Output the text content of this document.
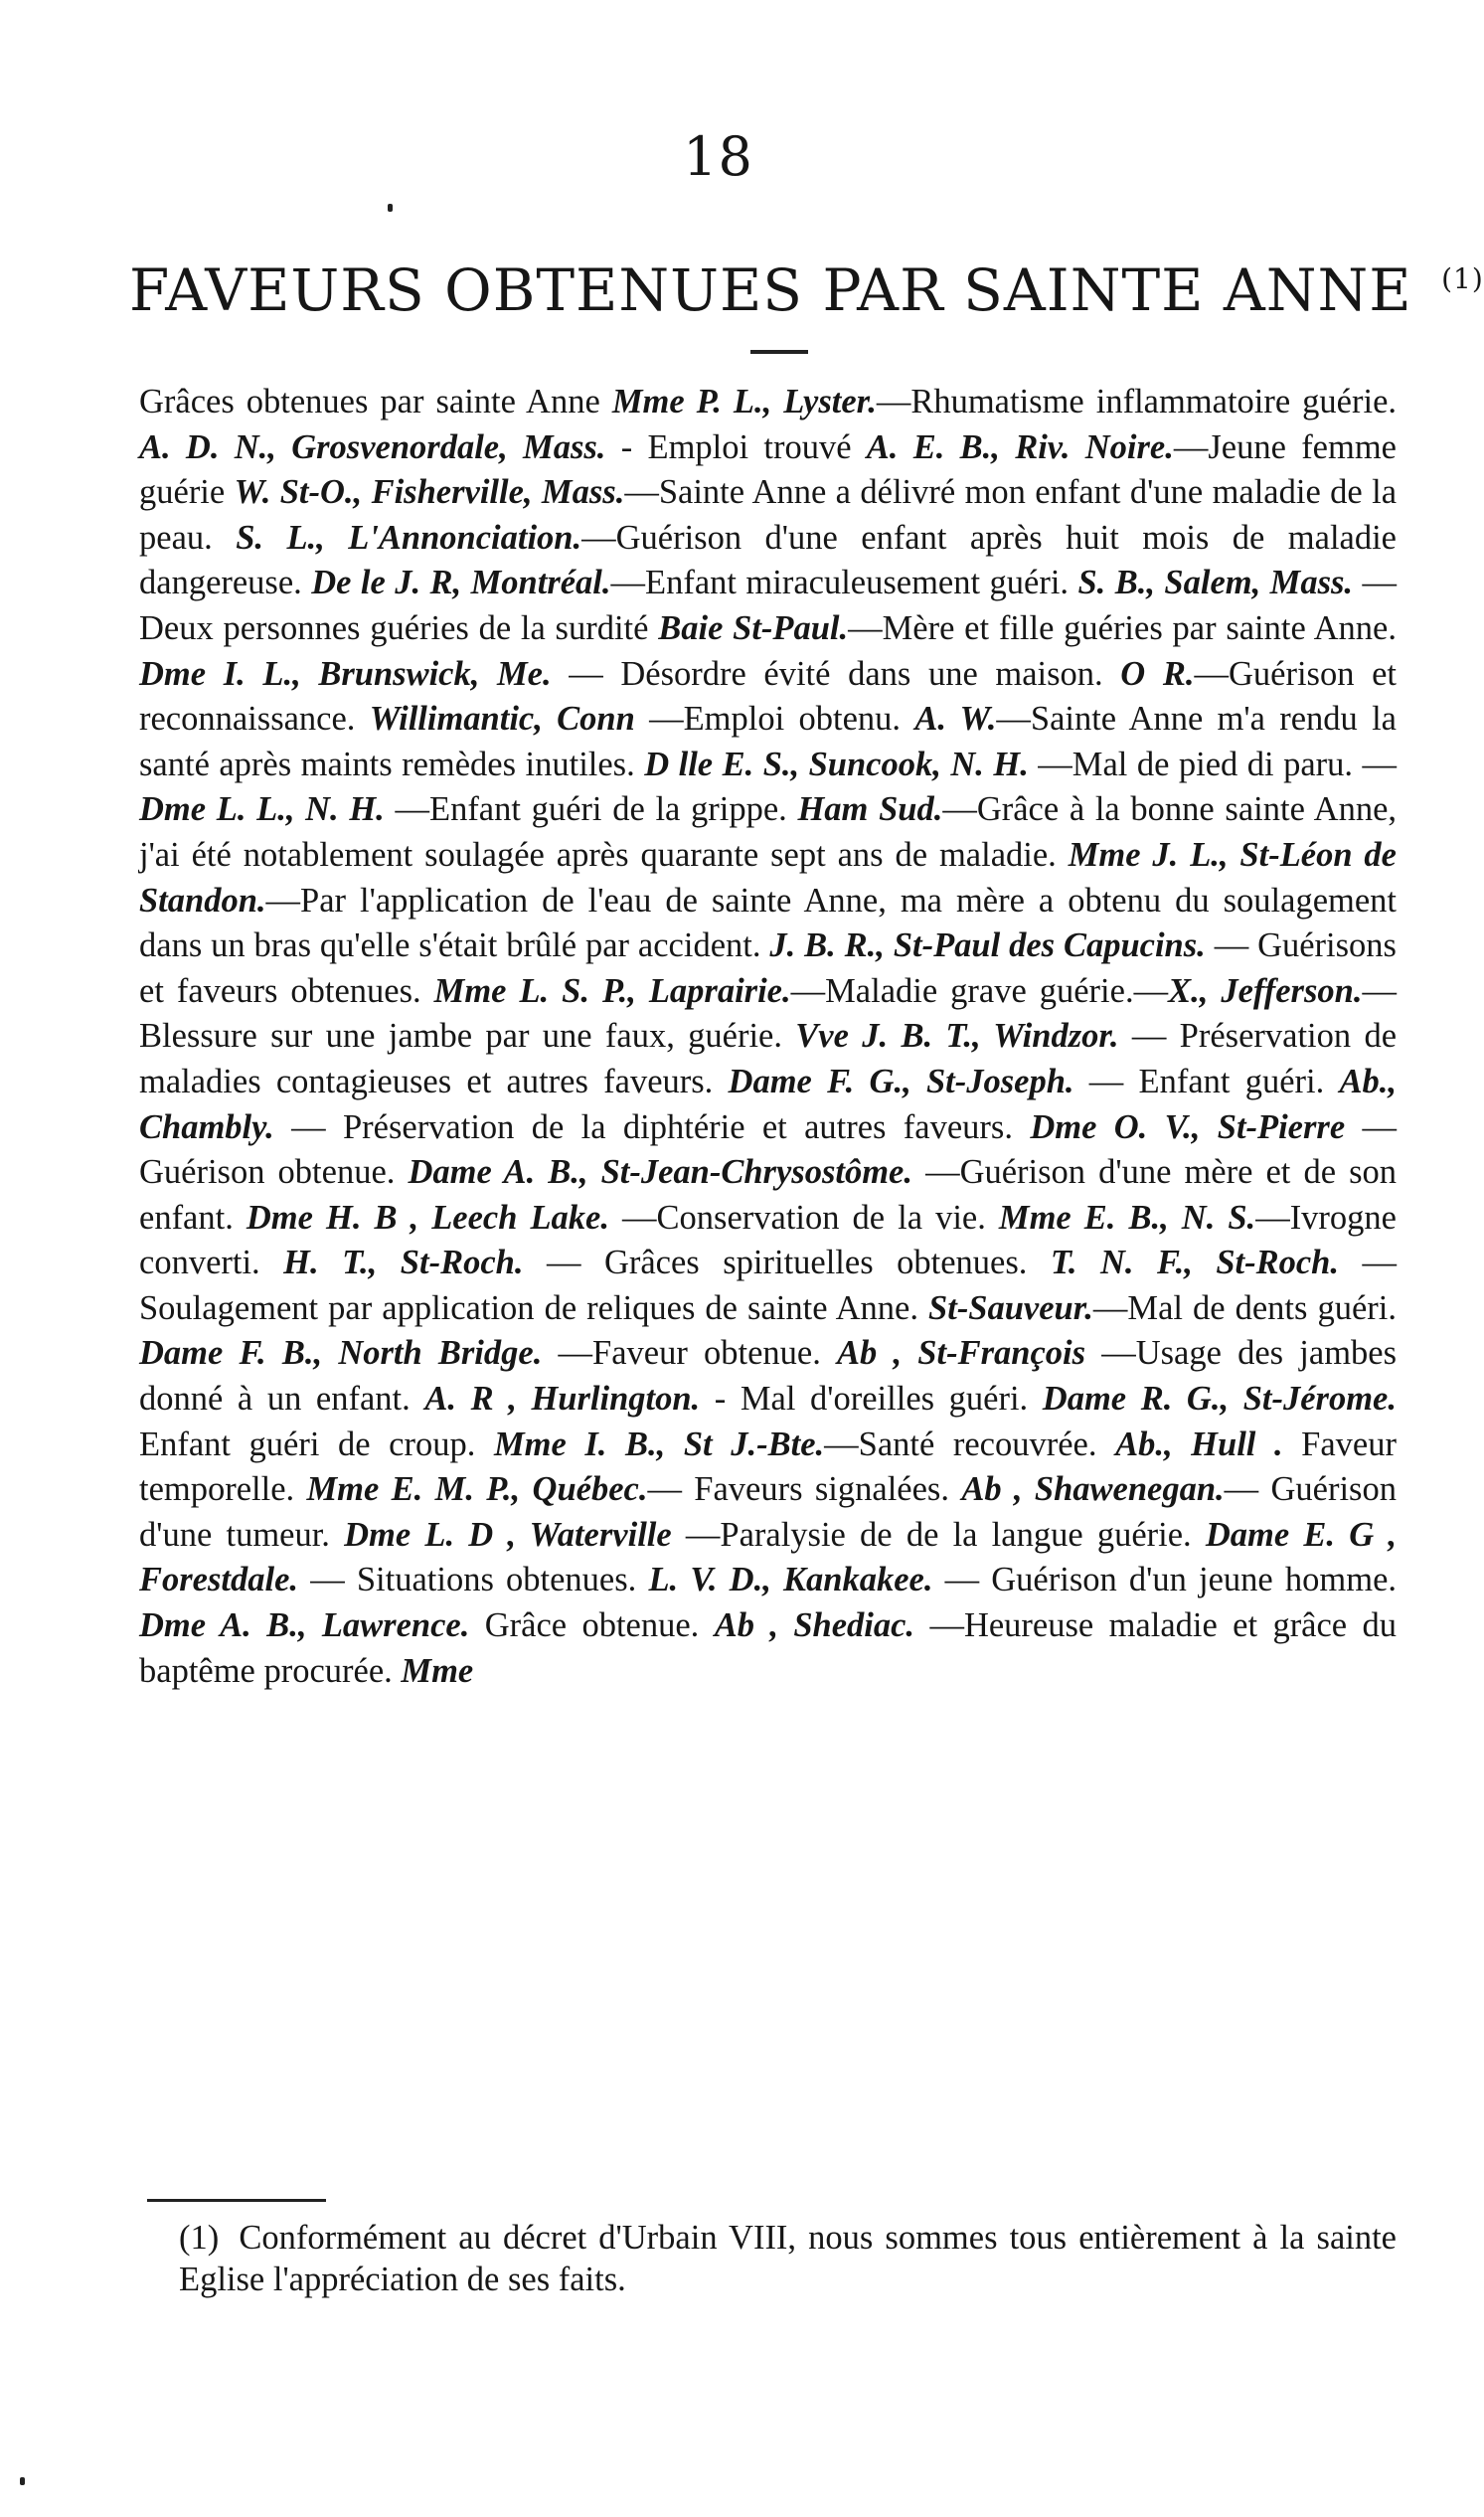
18
FAVEURS OBTENUES PAR SAINTE ANNE $^{(1)}$
Grâces obtenues par sainte Anne Mme P. L., Lyster.—Rhumatisme inflammatoire guérie. A. D. N., Grosvenordale, Mass. - Emploi trouvé A. E. B., Riv. Noire.—Jeune femme guérie W. St-O., Fisherville, Mass.—Sainte Anne a délivré mon enfant d'une maladie de la peau. S. L., L'Annonciation.—Guérison d'une enfant après huit mois de maladie dangereuse. De le J. R, Montréal.—Enfant miraculeusement guéri. S. B., Salem, Mass. —Deux personnes guéries de la surdité Baie St-Paul.—Mère et fille guéries par sainte Anne. Dme I. L., Brunswick, Me. — Désordre évité dans une maison. O R.—Guérison et reconnaissance. Willimantic, Conn —Emploi obtenu. A. W.—Sainte Anne m'a rendu la santé après maints remèdes inutiles. D lle E. S., Suncook, N. H. —Mal de pied di paru. —Dme L. L., N. H. —Enfant guéri de la grippe. Ham Sud.—Grâce à la bonne sainte Anne, j'ai été notablement soulagée après quarante sept ans de maladie. Mme J. L., St-Léon de Standon.—Par l'application de l'eau de sainte Anne, ma mère a obtenu du soulagement dans un bras qu'elle s'était brûlé par accident. J. B. R., St-Paul des Capucins. — Guérisons et faveurs obtenues. Mme L. S. P., Laprairie.—Maladie grave guérie.—X., Jefferson.— Blessure sur une jambe par une faux, guérie. Vve J. B. T., Windzor. — Préservation de maladies contagieuses et autres faveurs. Dame F. G., St-Joseph. — Enfant guéri. Ab., Chambly. — Préservation de la diphtérie et autres faveurs. Dme O. V., St-Pierre —Guérison obtenue. Dame A. B., St-Jean-Chrysostôme. —Guérison d'une mère et de son enfant. Dme H. B , Leech Lake. —Conservation de la vie. Mme E. B., N. S.—Ivrogne converti. H. T., St-Roch. — Grâces spirituelles obtenues. T. N. F., St-Roch. — Soulagement par application de reliques de sainte Anne. St-Sauveur.—Mal de dents guéri. Dame F. B., North Bridge. —Faveur obtenue. Ab , St-François —Usage des jambes donné à un enfant. A. R , Hurlington. - Mal d'oreilles guéri. Dame R. G., St-Jérome. Enfant guéri de croup. Mme I. B., St J.-Bte.—Santé recouvrée. Ab., Hull . Faveur temporelle. Mme E. M. P., Québec.— Faveurs signalées. Ab , Shawenegan.— Guérison d'une tumeur. Dme L. D , Waterville —Paralysie de de la langue guérie. Dame E. G , Forestdale. — Situations obtenues. L. V. D., Kankakee. — Guérison d'un jeune homme. Dme A. B., Lawrence. Grâce obtenue. Ab , Shediac. —Heureuse maladie et grâce du baptême procurée. Mme
(1) Conformément au décret d'Urbain VIII, nous sommes tous entièrement à la sainte Eglise l'appréciation de ses faits.
